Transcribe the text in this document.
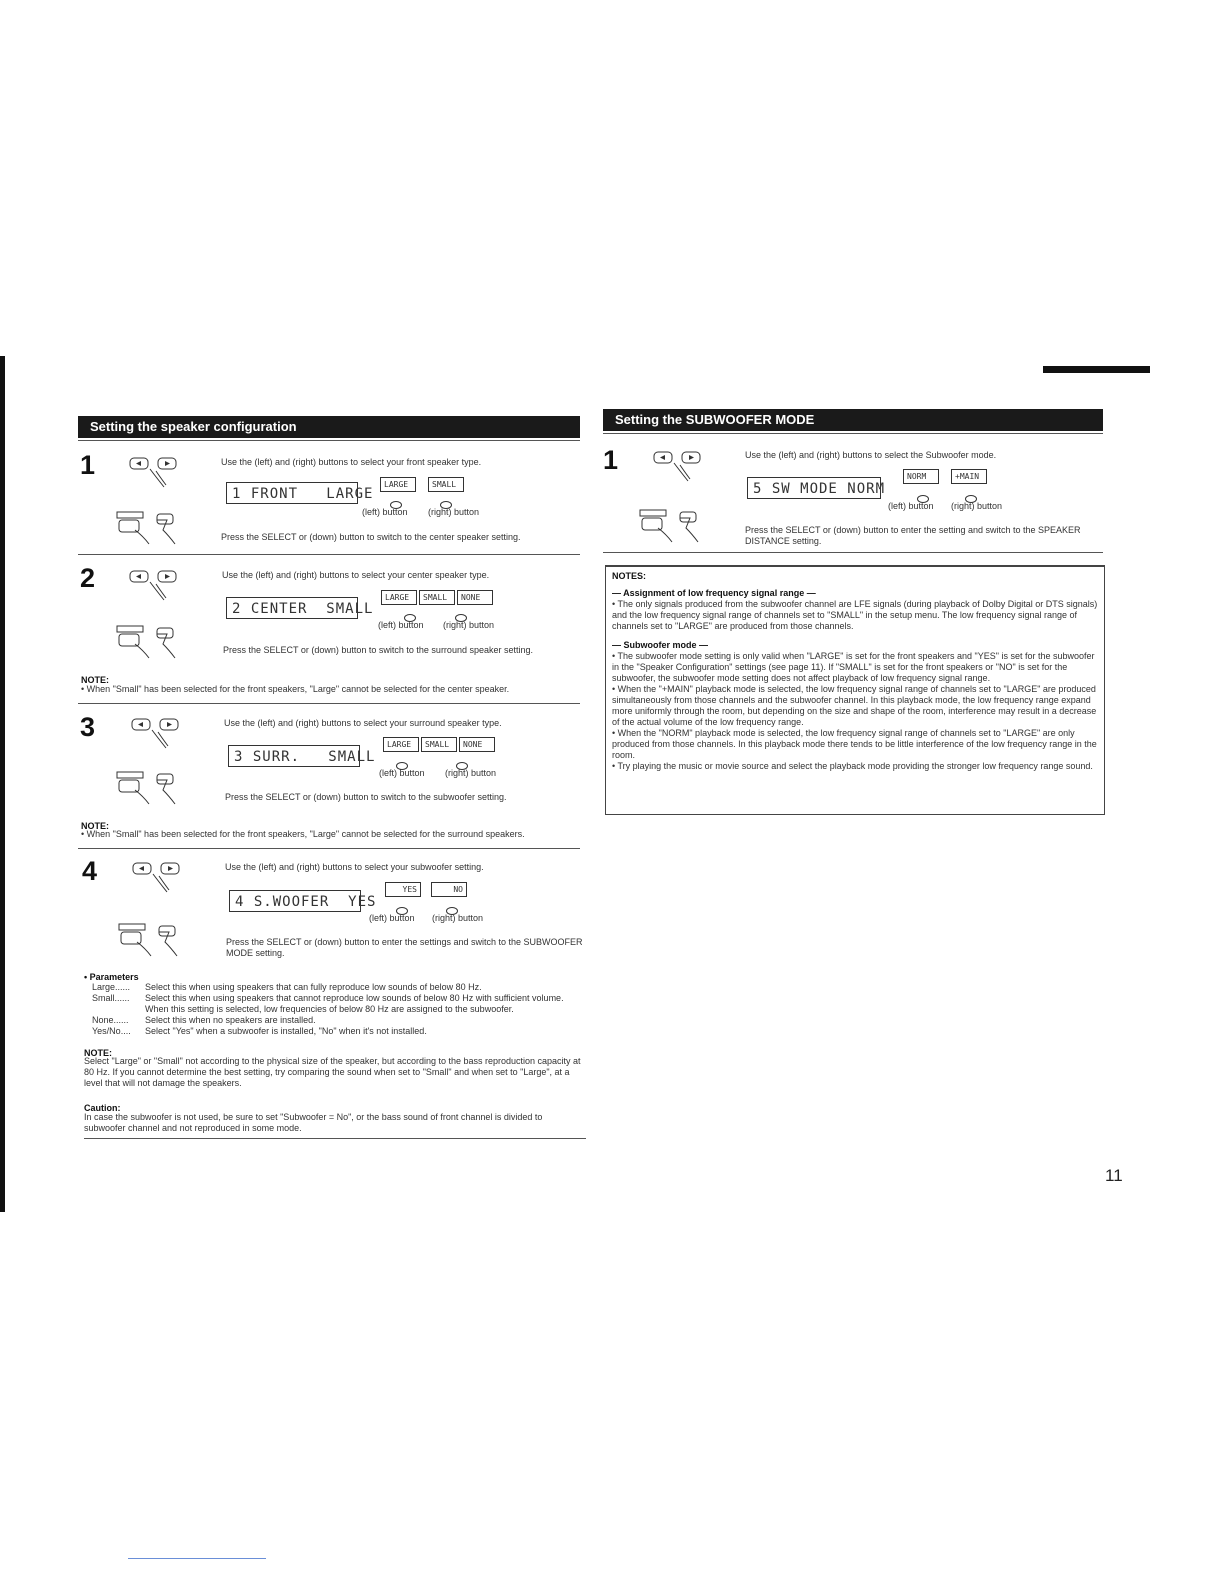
Setting the speaker configuration
1	Use the (left) and (right) buttons to select your front speaker type.
1 FRONT   LARGE
LARGE	SMALL
(left) button (right) button
Press the SELECT or (down) button to switch to the center speaker setting.
2	Use the (left) and (right) buttons to select your center speaker type.
2 CENTER  SMALL
LARGE	SMALL	NONE
(left) button (right) button
Press the SELECT or (down) button to switch to the surround speaker setting.
NOTE:
• When "Small" has been selected for the front speakers, "Large" cannot be selected for the center speaker.
3	Use the (left) and (right) buttons to select your surround speaker type.
3 SURR.   SMALL
LARGE	SMALL	NONE
(left) button (right) button
Press the SELECT or (down) button to switch to the subwoofer setting.
NOTE:
• When "Small" has been selected for the front speakers, "Large" cannot be selected for the surround speakers.
4	Use the (left) and (right) buttons to select your subwoofer setting.
4 S.WOOFER  YES
YES	NO
(left) button (right) button
Press the SELECT or (down) button to enter the settings and switch to the SUBWOOFER MODE setting.
• Parameters
Large......	Select this when using speakers that can fully reproduce low sounds of below 80 Hz.
Small......	Select this when using speakers that cannot reproduce low sounds of below 80 Hz with sufficient volume. When this setting is selected, low frequencies of below 80 Hz are assigned to the subwoofer.
None......	Select this when no speakers are installed.
Yes/No....	Select "Yes" when a subwoofer is installed, "No" when it's not installed.
NOTE:
Select "Large" or "Small" not according to the physical size of the speaker, but according to the bass reproduction capacity at 80 Hz. If you cannot determine the best setting, try comparing the sound when set to "Small" and when set to "Large", at a level that will not damage the speakers.
Caution:
In case the subwoofer is not used, be sure to set "Subwoofer = No", or the bass sound of front channel is divided to subwoofer channel and not reproduced in some mode.
Setting the SUBWOOFER MODE
1	Use the (left) and (right) buttons to select the Subwoofer mode.
5 SW MODE NORM
NORM	+MAIN
(left) button (right) button
Press the SELECT or (down) button to enter the setting and switch to the SPEAKER DISTANCE setting.
NOTES:
— Assignment of low frequency signal range —
• The only signals produced from the subwoofer channel are LFE signals (during playback of Dolby Digital or DTS signals) and the low frequency signal range of channels set to "SMALL" in the setup menu. The low frequency signal range of channels set to "LARGE" are produced from those channels.
— Subwoofer mode —
• The subwoofer mode setting is only valid when "LARGE" is set for the front speakers and "YES" is set for the subwoofer in the "Speaker Configuration" settings (see page 11). If "SMALL" is set for the front speakers or "NO" is set for the subwoofer, the subwoofer mode setting does not affect playback of low frequency signal range.
• When the "+MAIN" playback mode is selected, the low frequency signal range of channels set to "LARGE" are produced simultaneously from those channels and the subwoofer channel. In this playback mode, the low frequency range expand more uniformly through the room, but depending on the size and shape of the room, interference may result in a decrease of the actual volume of the low frequency range.
• When the "NORM" playback mode is selected, the low frequency signal range of channels set to "LARGE" are only produced from those channels. In this playback mode there tends to be little interference of the low frequency range in the room.
• Try playing the music or movie source and select the playback mode providing the stronger low frequency range sound.
11
